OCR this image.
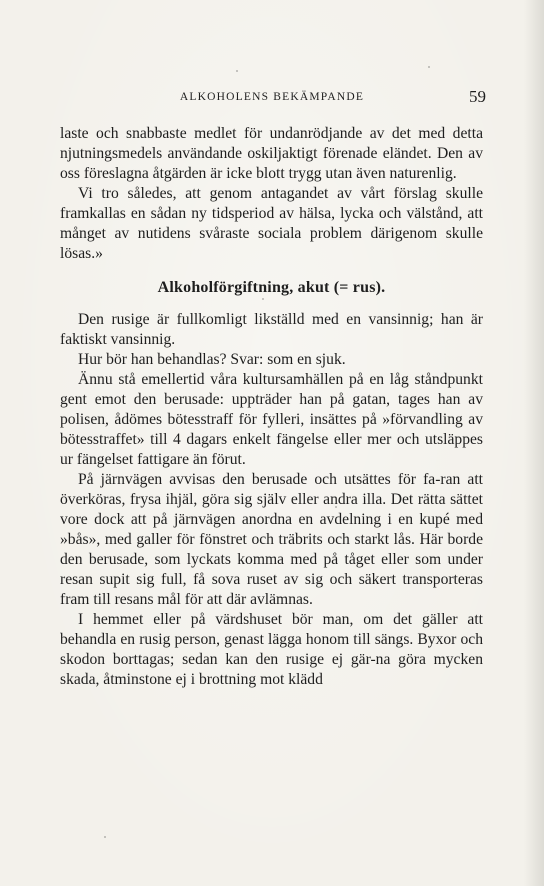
ALKOHOLENS BEKÄMPANDE	59

laste och snabbaste medlet för undanrödjande av det med detta njutningsmedels användande oskiljaktigt förenade eländet. Den av oss föreslagna åtgärden är icke blott trygg utan även naturenlig.

Vi tro således, att genom antagandet av vårt förslag skulle framkallas en sådan ny tidsperiod av hälsa, lycka och välstånd, att månget av nutidens svåraste sociala problem därigenom skulle lösas.»

Alkoholförgiftning, akut (= rus).

Den rusige är fullkomligt likställd med en vansinnig; han är faktiskt vansinnig.

Hur bör han behandlas? Svar: som en sjuk.

Ännu stå emellertid våra kultursamhällen på en låg ståndpunkt gent emot den berusade: uppträder han på gatan, tages han av polisen, ådömes bötesstraff för fylleri, insättes på »förvandling av bötesstraffet» till 4 dagars enkelt fängelse eller mer och utsläppes ur fängelset fattigare än förut.

På järnvägen avvisas den berusade och utsättes för fa-ran att överköras, frysa ihjäl, göra sig själv eller andra illa. Det rätta sättet vore dock att på järnvägen anordna en avdelning i en kupé med »bås», med galler för fönstret och träbrits och starkt lås. Här borde den berusade, som lyckats komma med på tåget eller som under resan supit sig full, få sova ruset av sig och säkert transporteras fram till resans mål för att där avlämnas.

I hemmet eller på värdshuset bör man, om det gäller att behandla en rusig person, genast lägga honom till sängs. Byxor och skodon borttagas; sedan kan den rusige ej gär-na göra mycken skada, åtminstone ej i brottning mot klädd
